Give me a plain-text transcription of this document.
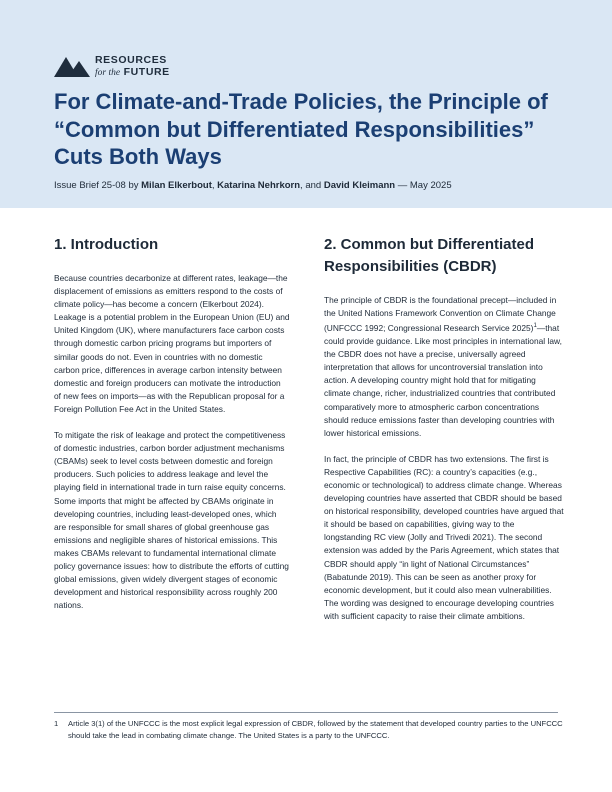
RESOURCES
for the FUTURE
For Climate-and-Trade Policies, the Principle of “Common but Differentiated Responsibilities” Cuts Both Ways
Issue Brief 25-08 by Milan Elkerbout, Katarina Nehrkorn, and David Kleimann — May 2025
1. Introduction

Because countries decarbonize at different rates, leakage—the displacement of emissions as emitters respond to the costs of climate policy—has become a concern (Elkerbout 2024). Leakage is a potential problem in the European Union (EU) and United Kingdom (UK), where manufacturers face carbon costs through domestic carbon pricing programs but importers of similar goods do not. Even in countries with no domestic carbon price, differences in average carbon intensity between domestic and foreign producers can motivate the introduction of new fees on imports—as with the Republican proposal for a Foreign Pollution Fee Act in the United States.

To mitigate the risk of leakage and protect the competitiveness of domestic industries, carbon border adjustment mechanisms (CBAMs) seek to level costs between domestic and foreign producers. Such policies to address leakage and level the playing field in international trade in turn raise equity concerns. Some imports that might be affected by CBAMs originate in developing countries, including least-developed ones, which are responsible for small shares of global greenhouse gas emissions and negligible shares of historical emissions. This makes CBAMs relevant to fundamental international climate policy governance issues: how to distribute the efforts of cutting global emissions, given widely divergent stages of economic development and historical responsibility across roughly 200 nations.

2. Common but Differentiated Responsibilities (CBDR)

The principle of CBDR is the foundational precept—included in the United Nations Framework Convention on Climate Change (UNFCCC 1992; Congressional Research Service 2025)$^1$—that could provide guidance. Like most principles in international law, the CBDR does not have a precise, universally agreed interpretation that allows for uncontroversial translation into action. A developing country might hold that for mitigating climate change, richer, industrialized countries that contributed comparatively more to atmospheric carbon concentrations should reduce emissions faster than developing countries with lower historical emissions.

In fact, the principle of CBDR has two extensions. The first is Respective Capabilities (RC): a country’s capacities (e.g., economic or technological) to address climate change. Whereas developing countries have asserted that CBDR should be based on historical responsibility, developed countries have argued that it should be based on capabilities, giving way to the longstanding RC view (Jolly and Trivedi 2021). The second extension was added by the Paris Agreement, which states that CBDR should apply “in light of National Circumstances” (Babatunde 2019). This can be seen as another proxy for economic development, but it could also mean vulnerabilities. The wording was designed to encourage developing countries with sufficient capacity to raise their climate ambitions.

1	Article 3(1) of the UNFCCC is the most explicit legal expression of CBDR, followed by the statement that developed country parties to the UNFCCC should take the lead in combating climate change. The United States is a party to the UNFCCC.
